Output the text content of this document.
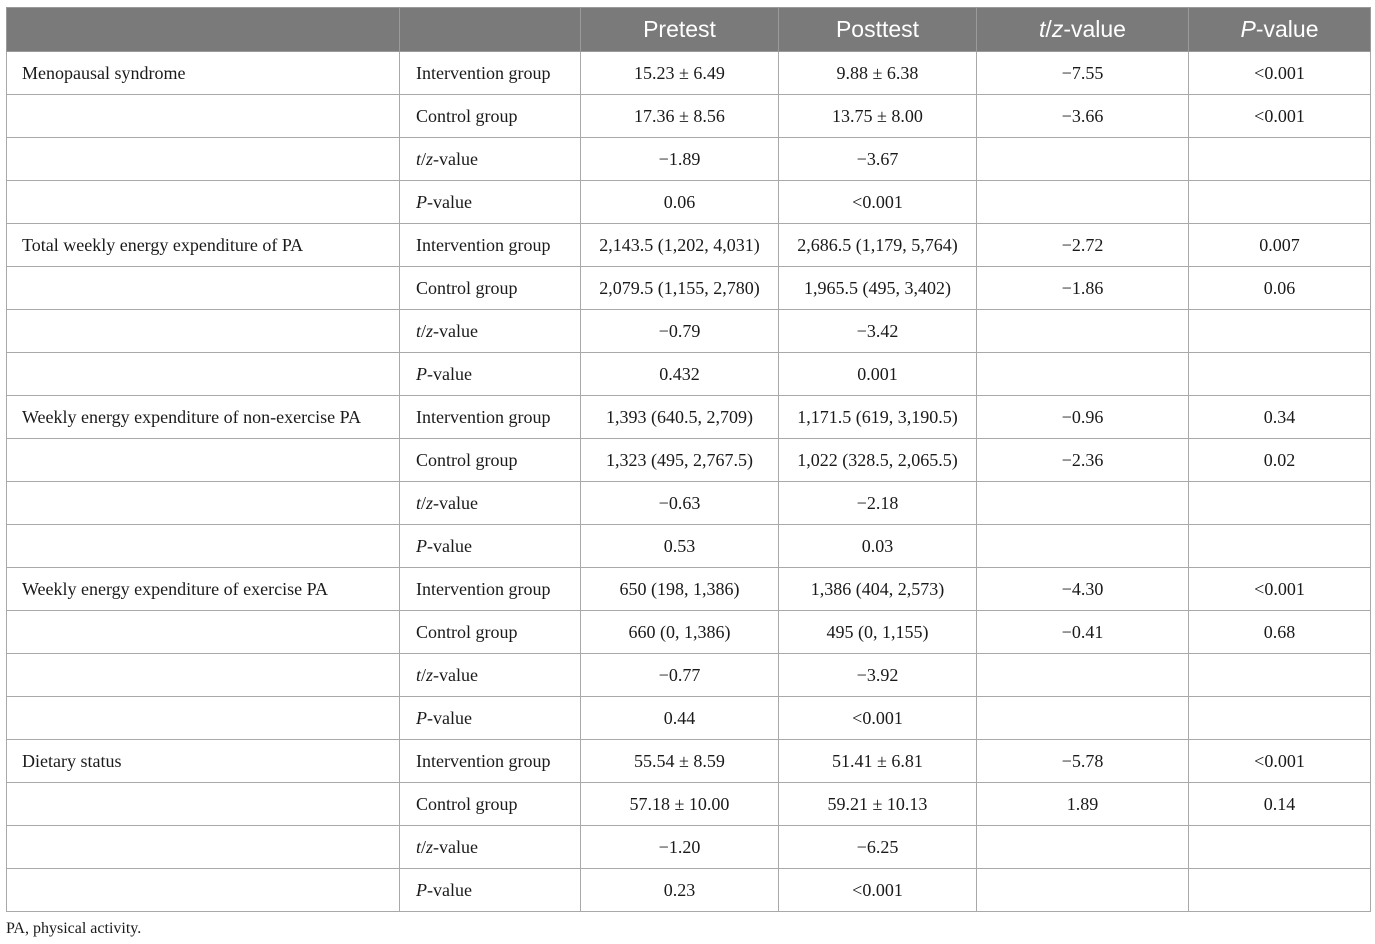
		Pretest	Posttest	t/z-value	P-value
Menopausal syndrome	Intervention group	15.23 ± 6.49	9.88 ± 6.38	−7.55	<0.001
	Control group	17.36 ± 8.56	13.75 ± 8.00	−3.66	<0.001
	t/z-value	−1.89	−3.67		
	P-value	0.06	<0.001		
Total weekly energy expenditure of PA	Intervention group	2,143.5 (1,202, 4,031)	2,686.5 (1,179, 5,764)	−2.72	0.007
	Control group	2,079.5 (1,155, 2,780)	1,965.5 (495, 3,402)	−1.86	0.06
	t/z-value	−0.79	−3.42		
	P-value	0.432	0.001		
Weekly energy expenditure of non-exercise PA	Intervention group	1,393 (640.5, 2,709)	1,171.5 (619, 3,190.5)	−0.96	0.34
	Control group	1,323 (495, 2,767.5)	1,022 (328.5, 2,065.5)	−2.36	0.02
	t/z-value	−0.63	−2.18		
	P-value	0.53	0.03		
Weekly energy expenditure of exercise PA	Intervention group	650 (198, 1,386)	1,386 (404, 2,573)	−4.30	<0.001
	Control group	660 (0, 1,386)	495 (0, 1,155)	−0.41	0.68
	t/z-value	−0.77	−3.92		
	P-value	0.44	<0.001		
Dietary status	Intervention group	55.54 ± 8.59	51.41 ± 6.81	−5.78	<0.001
	Control group	57.18 ± 10.00	59.21 ± 10.13	1.89	0.14
	t/z-value	−1.20	−6.25		
	P-value	0.23	<0.001		
PA, physical activity.
